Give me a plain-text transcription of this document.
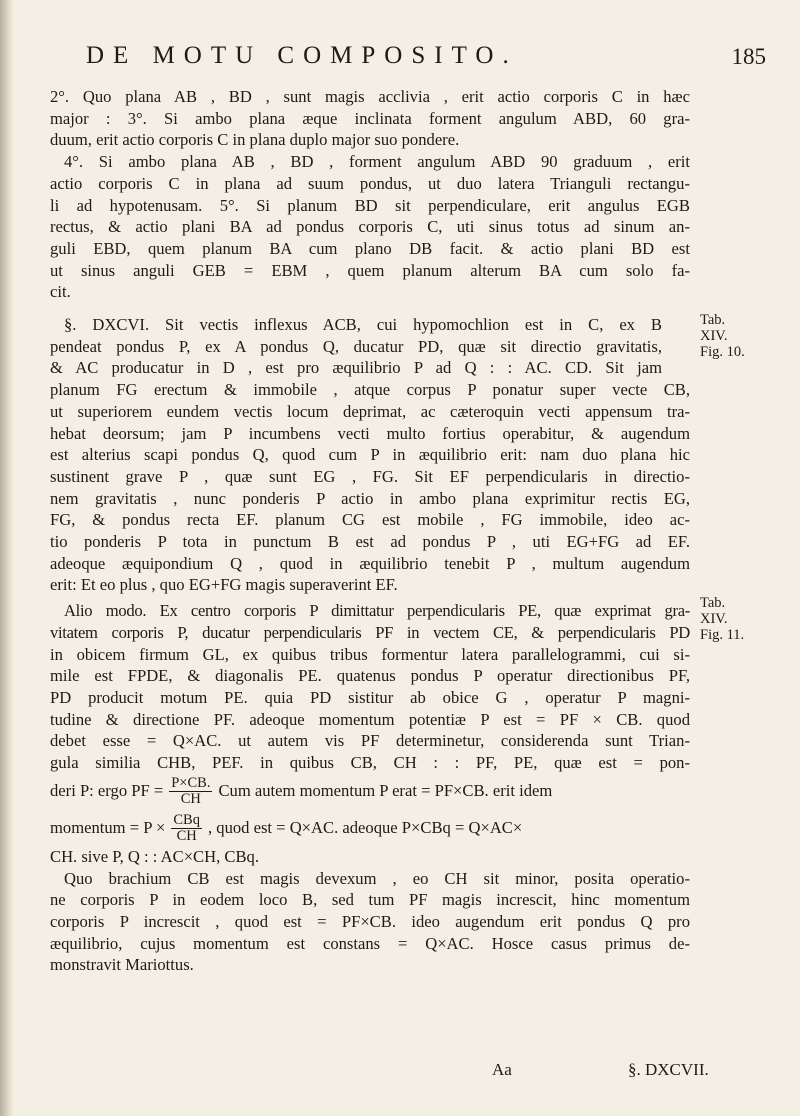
DE MOTU COMPOSITO.	185
2°. Quo plana AB , BD , sunt magis acclivia , erit actio corporis C in hæc
major : 3°. Si ambo plana æque inclinata forment angulum ABD, 60 gra-
duum, erit actio corporis C in plana duplo major suo pondere.
4°. Si ambo plana AB , BD , forment angulum ABD 90 graduum , erit
actio corporis C in plana ad suum pondus, ut duo latera Trianguli rectangu-
li ad hypotenusam. 5°. Si planum BD sit perpendiculare, erit angulus EGB
rectus, & actio plani BA ad pondus corporis C, uti sinus totus ad sinum an-
guli EBD, quem planum BA cum plano DB facit. & actio plani BD est
ut sinus anguli GEB = EBM , quem planum alterum BA cum solo fa-
cit.
§. DXCVI. Sit vectis inflexus ACB, cui hypomochlion est in C, ex B
pendeat pondus P, ex A pondus Q, ducatur PD, quæ sit directio gravitatis,
& AC producatur in D , est pro æquilibrio P ad Q : : AC. CD. Sit jam
planum FG erectum & immobile , atque corpus P ponatur super vecte CB,
ut superiorem eundem vectis locum deprimat, ac cæteroquin vecti appensum tra-
hebat deorsum; jam P incumbens vecti multo fortius operabitur, & augendum
est alterius scapi pondus Q, quod cum P in æquilibrio erit: nam duo plana hic
sustinent grave P , quæ sunt EG , FG. Sit EF perpendicularis in directio-
nem gravitatis , nunc ponderis P actio in ambo plana exprimitur rectis EG,
FG, & pondus recta EF. planum CG est mobile , FG immobile, ideo ac-
tio ponderis P tota in punctum B est ad pondus P , uti EG+FG ad EF.
adeoque æquipondium Q , quod in æquilibrio tenebit P , multum augendum
erit: Et eo plus , quo EG+FG magis superaverint EF.
Alio modo. Ex centro corporis P dimittatur perpendicularis PE, quæ exprimat gra-
vitatem corporis P, ducatur perpendicularis PF in vectem CE, & perpendicularis PD
in obicem firmum GL, ex quibus tribus formentur latera parallelogrammi, cui si-
mile est FPDE, & diagonalis PE. quatenus pondus P operatur directionibus PF,
PD producit motum PE. quia PD sistitur ab obice G , operatur P magni-
tudine & directione PF. adeoque momentum potentiæ P est = PF × CB. quod
debet esse = Q×AC. ut autem vis PF determinetur, considerenda sunt Trian-
gula similia CHB, PEF. in quibus CB, CH : : PF, PE, quæ est = pon-
deri P: ergo PF = $\frac{P\times CB.}{CH}$ Cum autem momentum P erat = PF×CB. erit idem
momentum = P × CBq
CH , quod est = Q×AC. adeoque P×CBq = Q×AC×
CH. sive P, Q : : AC×CH, CBq.
Quo brachium CB est magis devexum , eo CH sit minor, posita operatio-
ne corporis P in eodem loco B, sed tum PF magis increscit, hinc momentum
corporis P increscit , quod est = PF×CB. ideo augendum erit pondus Q pro
æquilibrio, cujus momentum est constans = Q×AC. Hosce casus primus de-
monstravit Mariottus.
Tab.
XIV.
Fig. 10.
Tab.
XIV.
Fig. 11.
Aa	§. DXCVII.
